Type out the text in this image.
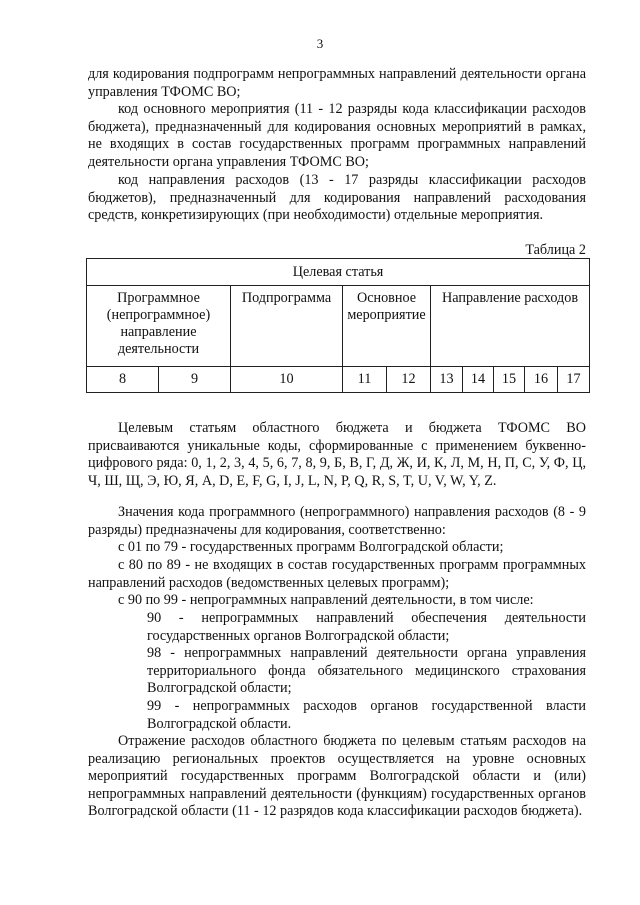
3

для кодирования подпрограмм непрограммных направлений деятельности органа управления ТФОМС ВО;

код основного мероприятия (11 - 12 разряды кода классификации расходов бюджета), предназначенный для кодирования основных мероприятий в рамках, не входящих в состав государственных программ программных направлений деятельности органа управления ТФОМС ВО;

код направления расходов (13 - 17 разряды классификации расходов бюджетов), предназначенный для кодирования направлений расходования средств, конкретизирующих (при необходимости) отдельные мероприятия.

Таблица 2
Целевая статья									
Программное (непрограммное) направление деятельности		Подпрограмма	Основное мероприятие		Направление расходов				
8	9	10	11	12	13	14	15	16	17

Целевым статьям областного бюджета и бюджета ТФОМС ВО присваиваются уникальные коды, сформированные с применением буквенно-цифрового ряда: 0, 1, 2, 3, 4, 5, 6, 7, 8, 9, Б, В, Г, Д, Ж, И, К, Л, М, Н, П, С, У, Ф, Ц, Ч, Ш, Щ, Э, Ю, Я, A, D, E, F, G, I, J, L, N, P, Q, R, S, T, U, V, W, Y, Z.

Значения кода программного (непрограммного) направления расходов (8 - 9 разряды) предназначены для кодирования, соответственно:

с 01 по 79 - государственных программ Волгоградской области;

с 80 по 89 - не входящих в состав государственных программ программных направлений расходов (ведомственных целевых программ);

с 90 по 99 - непрограммных направлений деятельности, в том числе:

90 - непрограммных направлений обеспечения деятельности государственных органов Волгоградской области;

98 - непрограммных направлений деятельности органа управления территориального фонда обязательного медицинского страхования Волгоградской области;

99 - непрограммных расходов органов государственной власти Волгоградской области.

Отражение расходов областного бюджета по целевым статьям расходов на реализацию региональных проектов осуществляется на уровне основных мероприятий государственных программ Волгоградской области и (или) непрограммных направлений деятельности (функциям) государственных органов Волгоградской области (11 - 12 разрядов кода классификации расходов бюджета).
